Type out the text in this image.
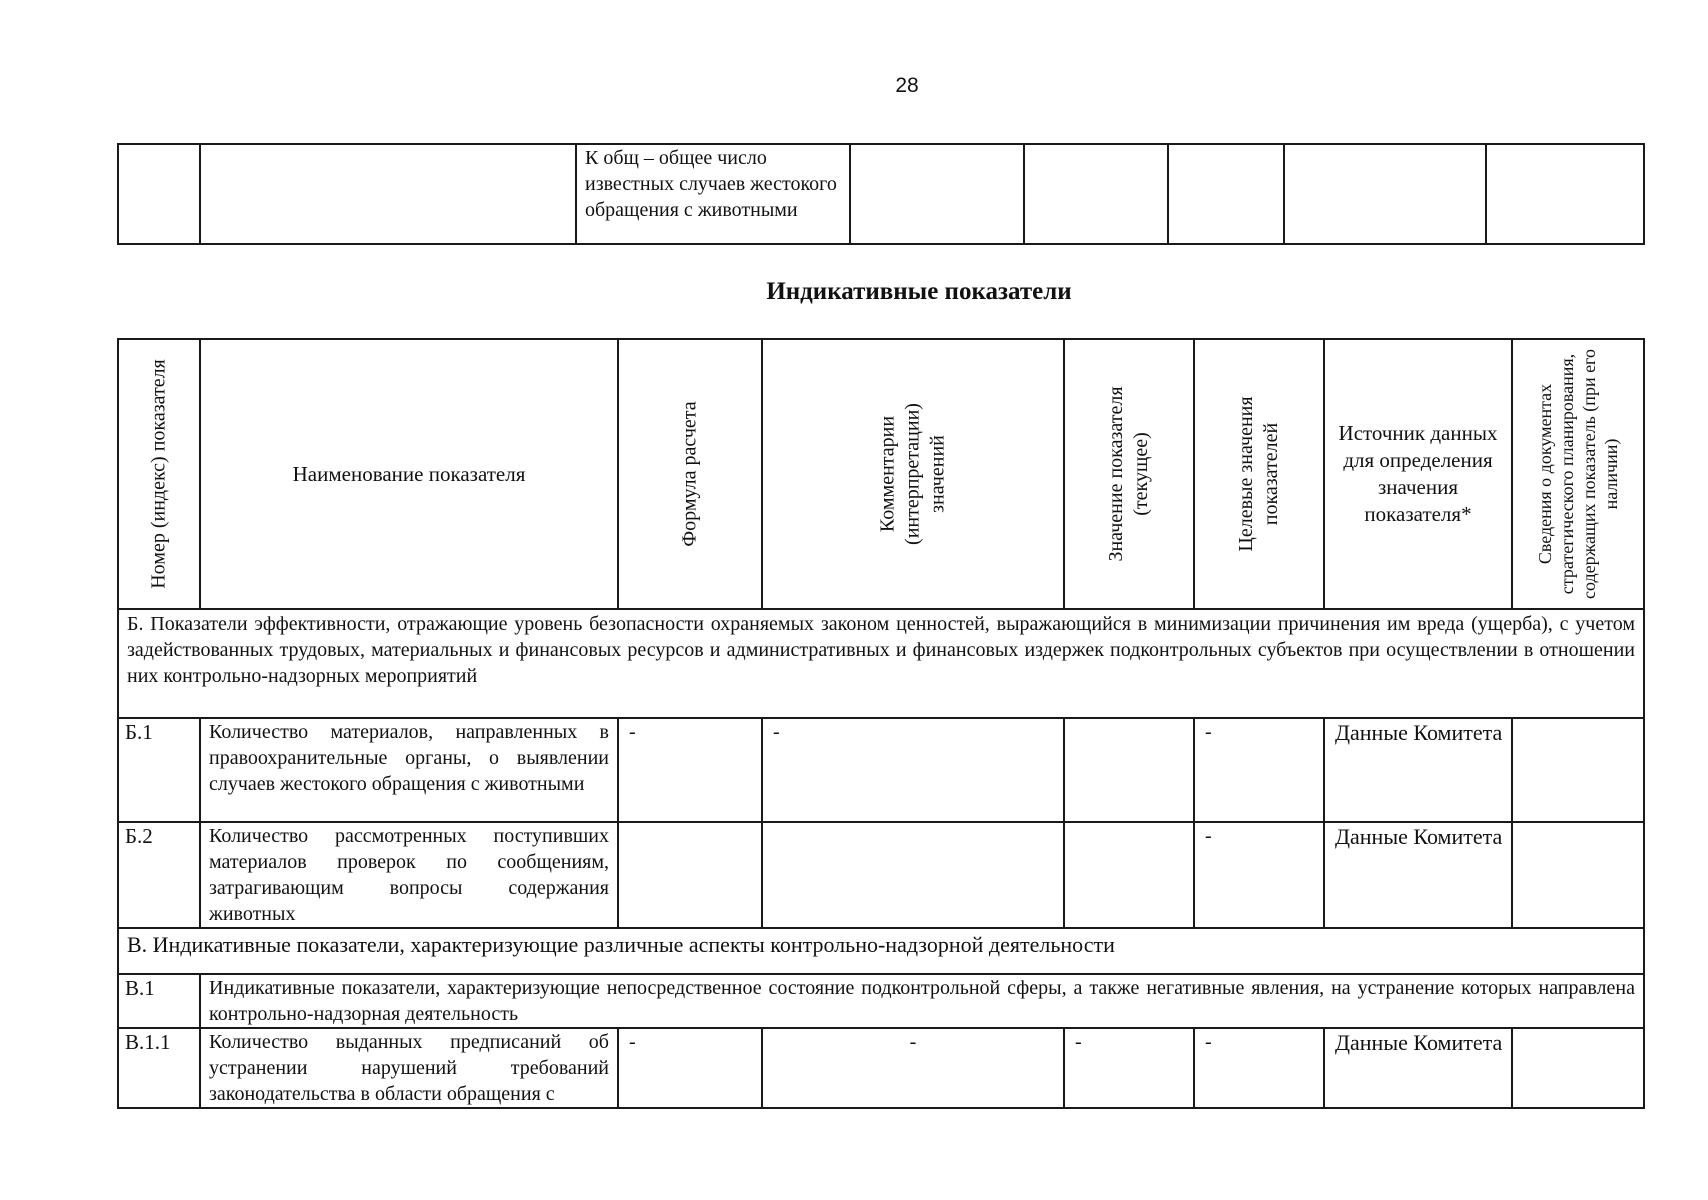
28
		К общ – общее число известных случаев жестокого обращения с животными					
Индикативные показатели
Номер (индекс) показателя	Наименование показателя	Формула расчета	Комментарии (интерпретации) значений	Значение показателя (текущее)	Целевые значения показателей	Источник данных для определения значения показателя*	Сведения о документах стратегического планирования, содержащих показатель (при его наличии)

Б. Показатели эффективности, отражающие уровень безопасности охраняемых законом ценностей, выражающийся в минимизации причинения им вреда (ущерба), с учетом задействованных трудовых, материальных и финансовых ресурсов и административных и финансовых издержек подконтрольных субъектов при осуществлении в отношении них контрольно-надзорных мероприятий							
Б.1	Количество материалов, направленных в правоохранительные органы, о выявлении случаев жестокого обращения с животными	-	-		-	Данные Комитета	
Б.2	Количество рассмотренных поступивших материалов проверок по сообщениям, затрагивающим вопросы содержания животных				-	Данные Комитета	
В. Индикативные показатели, характеризующие различные аспекты контрольно-надзорной деятельности							
В.1	Индикативные показатели, характеризующие непосредственное состояние подконтрольной сферы, а также негативные явления, на устранение которых направлена контрольно-надзорная деятельность						
В.1.1	Количество выданных предписаний об устранении нарушений требований законодательства в области обращения с	-	-	-	-	Данные Комитета	
